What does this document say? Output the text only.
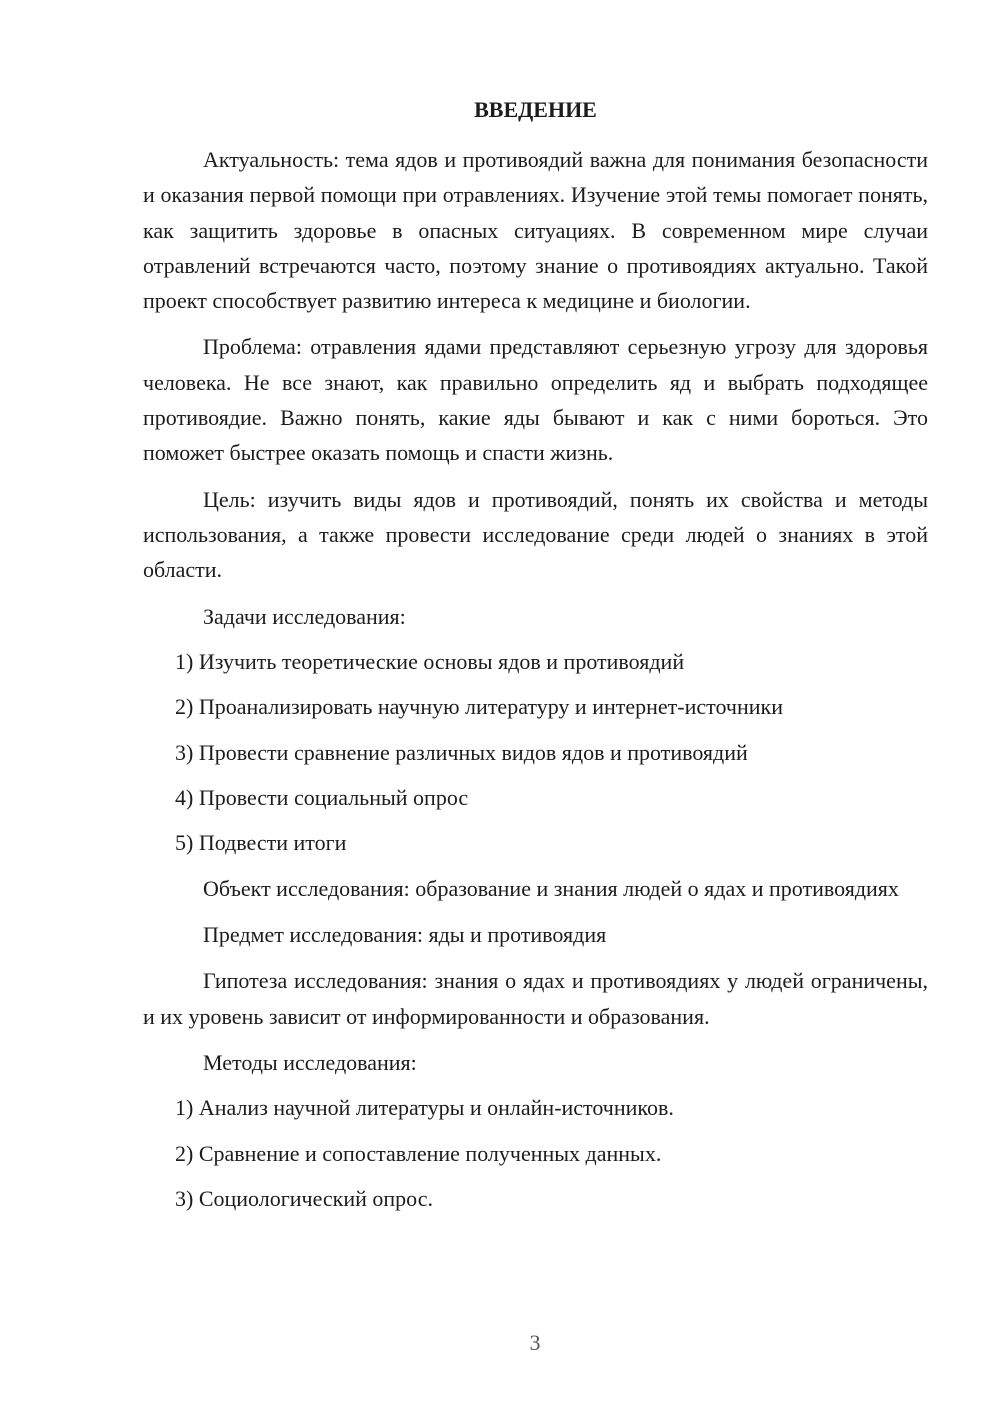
ВВЕДЕНИЕ

Актуальность: тема ядов и противоядий важна для понимания безопасности и оказания первой помощи при отравлениях. Изучение этой темы помогает понять, как защитить здоровье в опасных ситуациях. В современном мире случаи отравлений встречаются часто, поэтому знание о противоядиях актуально. Такой проект способствует развитию интереса к медицине и биологии.

Проблема: отравления ядами представляют серьезную угрозу для здоровья человека. Не все знают, как правильно определить яд и выбрать подходящее противоядие. Важно понять, какие яды бывают и как с ними бороться. Это поможет быстрее оказать помощь и спасти жизнь.

Цель: изучить виды ядов и противоядий, понять их свойства и методы использования, а также провести исследование среди людей о знаниях в этой области.

Задачи исследования:

1) Изучить теоретические основы ядов и противоядий
2) Проанализировать научную литературу и интернет-источники
3) Провести сравнение различных видов ядов и противоядий
4) Провести социальный опрос
5) Подвести итоги

Объект исследования: образование и знания людей о ядах и противоядиях

Предмет исследования: яды и противоядия

Гипотеза исследования: знания о ядах и противоядиях у людей ограничены, и их уровень зависит от информированности и образования.

Методы исследования:

1) Анализ научной литературы и онлайн-источников.
2) Сравнение и сопоставление полученных данных.
3) Социологический опрос.
3
